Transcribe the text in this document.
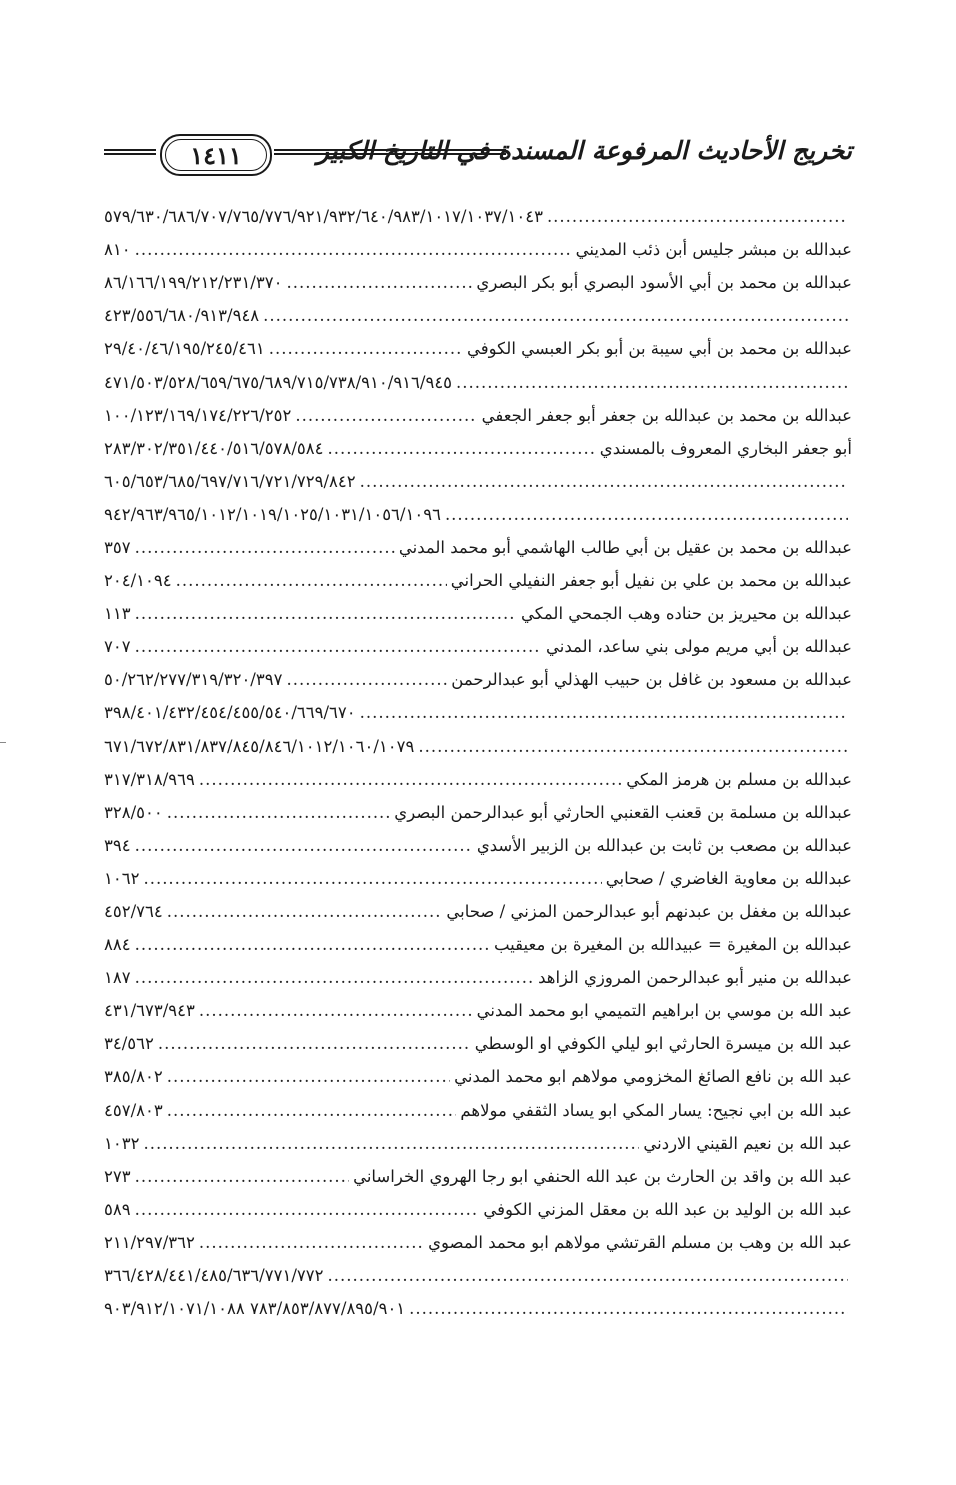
تخريج الأحاديث المرفوعة المسندة في التاريخ الكبير
١٤١١
.....
٥٧٩/٦٣٠/٦٨٦/٧٠٧/٧٦٥/٧٧٦/٩٢١/٩٣٢/٦٤٠/٩٨٣/١٠١٧/١٠٣٧/١٠٤٣
عبدالله بن مبشر جليس أبن ذئب المديني
.....
٨١٠
عبدالله بن محمد بن أبي الأسود البصري أبو بكر البصري
.....
٨٦/١٦٦/١٩٩/٢١٢/٢٣١/٣٧٠
.....
٤٢٣/٥٥٦/٦٨٠/٩١٣/٩٤٨
عبدالله بن محمد بن أبي سيبة بن أبو بكر العبسي الكوفي
.....
٢٩/٤٠/٤٦/١٩٥/٢٤٥/٤٦١
.....
٤٧١/٥٠٣/٥٢٨/٦٥٩/٦٧٥/٦٨٩/٧١٥/٧٣٨/٩١٠/٩١٦/٩٤٥
عبدالله بن محمد بن عبدالله بن جعفر أبو جعفر الجعفي
.....
١٠٠/١٢٣/١٦٩/١٧٤/٢٢٦/٢٥٢
أبو جعفر البخاري المعروف بالمسندي
.....
٢٨٣/٣٠٢/٣٥١/٤٤٠/٥١٦/٥٧٨/٥٨٤
.....
٦٠٥/٦٥٣/٦٨٥/٦٩٧/٧١٦/٧٢١/٧٢٩/٨٤٢
.....
٩٤٢/٩٦٣/٩٦٥/١٠١٢/١٠١٩/١٠٢٥/١٠٣١/١٠٥٦/١٠٩٦
عبدالله بن محمد بن عقيل بن أبي طالب الهاشمي أبو محمد المدني
.....
٣٥٧
عبدالله بن محمد بن علي بن نفيل أبو جعفر النفيلي الحراني
.....
٢٠٤/١٠٩٤
عبدالله بن محيريز بن حناده وهب الجمحي المكي
.....
١١٣
عبدالله بن أبي مريم مولى بني ساعد، المدني
.....
٧٠٧
عبدالله بن مسعود بن غافل بن حبيب الهذلي أبو عبدالرحمن
.....
٥٠/٢٦٢/٢٧٧/٣١٩/٣٢٠/٣٩٧
.....
٣٩٨/٤٠١/٤٣٢/٤٥٤/٤٥٥/٥٤٠/٦٦٩/٦٧٠
.....
٦٧١/٦٧٢/٨٣١/٨٣٧/٨٤٥/٨٤٦/١٠١٢/١٠٦٠/١٠٧٩
عبدالله بن مسلم بن هرمز المكي
.....
٣١٧/٣١٨/٩٦٩
عبدالله بن مسلمة بن قعنب القعنبي الحارثي أبو عبدالرحمن البصري
.....
٣٢٨/٥٠٠
عبدالله بن مصعب بن ثابت بن عبدالله بن الزبير الأسدي
.....
٣٩٤
عبدالله بن معاوية الغاضري / صحابي
.....
١٠٦٢
عبدالله بن مغفل بن عبدنهم أبو عبدالرحمن المزني / صحابي
.....
٤٥٢/٧٦٤
عبدالله بن المغيرة = عبيدالله بن المغيرة بن معيقيب
.....
٨٨٤
عبدالله بن منير أبو عبدالرحمن المروزي الزاهد
.....
١٨٧
عبد الله بن موسي بن ابراهيم التميمي ابو محمد المدني
.....
٤٣١/٦٧٣/٩٤٣
عبد الله بن ميسرة الحارثي ابو ليلي الكوفي او الوسطي
.....
٣٤/٥٦٢
عبد الله بن نافع الصائغ المخزومي مولاهم ابو محمد المدني
.....
٣٨٥/٨٠٢
عبد الله بن ابي نجيح: يسار المكي ابو يساد الثقفي مولاهم
.....
٤٥٧/٨٠٣
عبد الله بن نعيم القيني الاردني
.....
١٠٣٢
عبد الله بن واقد بن الحارث بن عبد الله الحنفي ابو رجا الهروي الخراساني
.....
٢٧٣
عبد الله بن الوليد بن عبد الله بن معقل المزني الكوفي
.....
٥٨٩
عبد الله بن وهب بن مسلم القرتشي مولاهم ابو محمد المصوي
.....
٢١١/٢٩٧/٣٦٢
.....
٣٦٦/٤٢٨/٤٤١/٤٨٥/٦٣٦/٧٧١/٧٧٢
.....
٧٨٣/٨٥٣/٨٧٧/٨٩٥/٩٠١ ٩٠٣/٩١٢/١٠٧١/١٠٨٨
